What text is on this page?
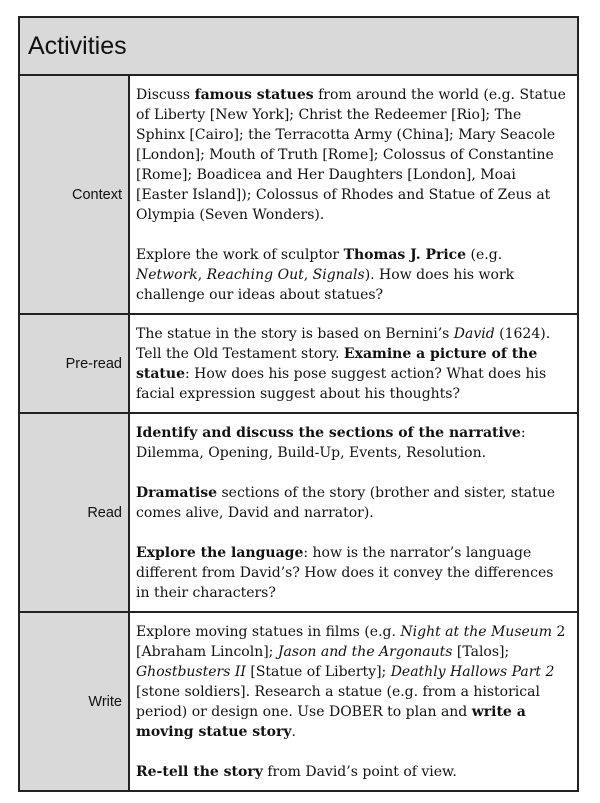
Activities
Context

Discuss famous statues from around the world (e.g. Statue of Liberty [New York]; Christ the Redeemer [Rio]; The Sphinx [Cairo]; the Terracotta Army (China]; Mary Seacole [London]; Mouth of Truth [Rome]; Colossus of Constantine [Rome]; Boadicea and Her Daughters [London], Moai [Easter Island]); Colossus of Rhodes and Statue of Zeus at Olympia (Seven Wonders).

Explore the work of sculptor Thomas J. Price (e.g. Network, Reaching Out, Signals). How does his work challenge our ideas about statues?

Pre-read

The statue in the story is based on Bernini’s David (1624). Tell the Old Testament story. Examine a picture of the statue: How does his pose suggest action? What does his facial expression suggest about his thoughts?

Read

Identify and discuss the sections of the narrative: Dilemma, Opening, Build-Up, Events, Resolution.

Dramatise sections of the story (brother and sister, statue comes alive, David and narrator).

Explore the language: how is the narrator’s language different from David’s? How does it convey the differences in their characters?

Write

Explore moving statues in films (e.g. Night at the Museum 2 [Abraham Lincoln]; Jason and the Argonauts [Talos]; Ghostbusters II [Statue of Liberty]; Deathly Hallows Part 2 [stone soldiers]. Research a statue (e.g. from a historical period) or design one. Use DOBER to plan and write a moving statue story.

Re-tell the story from David’s point of view.
